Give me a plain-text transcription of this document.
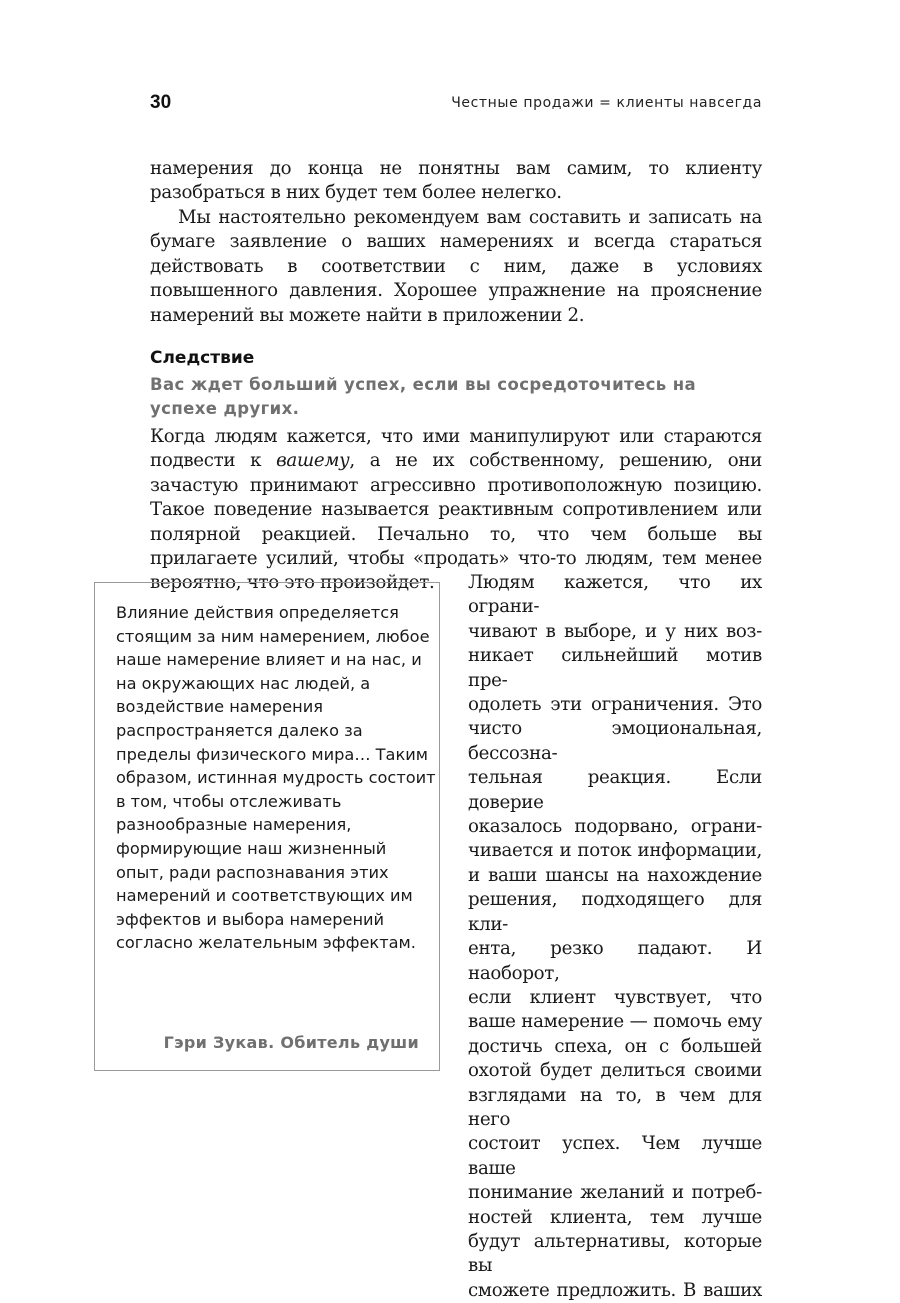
30	Честные продажи = клиенты навсегда

намерения до конца не понятны вам самим, то клиенту разобраться в них будет тем более нелегко.

Мы настоятельно рекомендуем вам составить и записать на бумаге заявление о ваших намерениях и всегда стараться действовать в соответствии с ним, даже в условиях повышенного давления. Хорошее упражнение на прояснение намерений вы можете найти в приложении 2.

Следствие
Вас ждет больший успех, если вы сосредоточитесь на успехе других.

Когда людям кажется, что ими манипулируют или стараются подвести к вашему, а не их собственному, решению, они зачастую принимают агрессивно противоположную позицию. Такое поведение называется реактивным сопротивлением или полярной реакцией. Печально то, что чем больше вы прилагаете усилий, чтобы «продать» что-то людям, тем менее вероятно, что это произойдет.

Влияние действия определяется стоящим за ним намерением, любое наше намерение влияет и на нас, и на окружающих нас людей, а воздействие намерения распространяется далеко за пределы физического мира… Таким образом, истинная мудрость состоит в том, чтобы отслеживать разнообразные намерения, формирующие наш жизненный опыт, ради распознавания этих намерений и соответствующих им эффектов и выбора намерений согласно желательным эффектам.

Гэри Зукав. Обитель души
Людям кажется, что их ограни-
чивают в выборе, и у них воз-
никает сильнейший мотив пре-
одолеть эти ограничения. Это
чисто эмоциональная, бессозна-
тельная реакция. Если доверие
оказалось подорвано, ограни-
чивается и поток информации,
и ваши шансы на нахождение
решения, подходящего для кли-
ента, резко падают. И наоборот,
если клиент чувствует, что
ваше намерение — помочь ему
достичь спеха, он с большей
охотой будет делиться своими
взглядами на то, в чем для него
состоит успех. Чем лучше ваше
понимание желаний и потреб-
ностей клиента, тем лучше
будут альтернативы, которые вы
сможете предложить. В ваших
